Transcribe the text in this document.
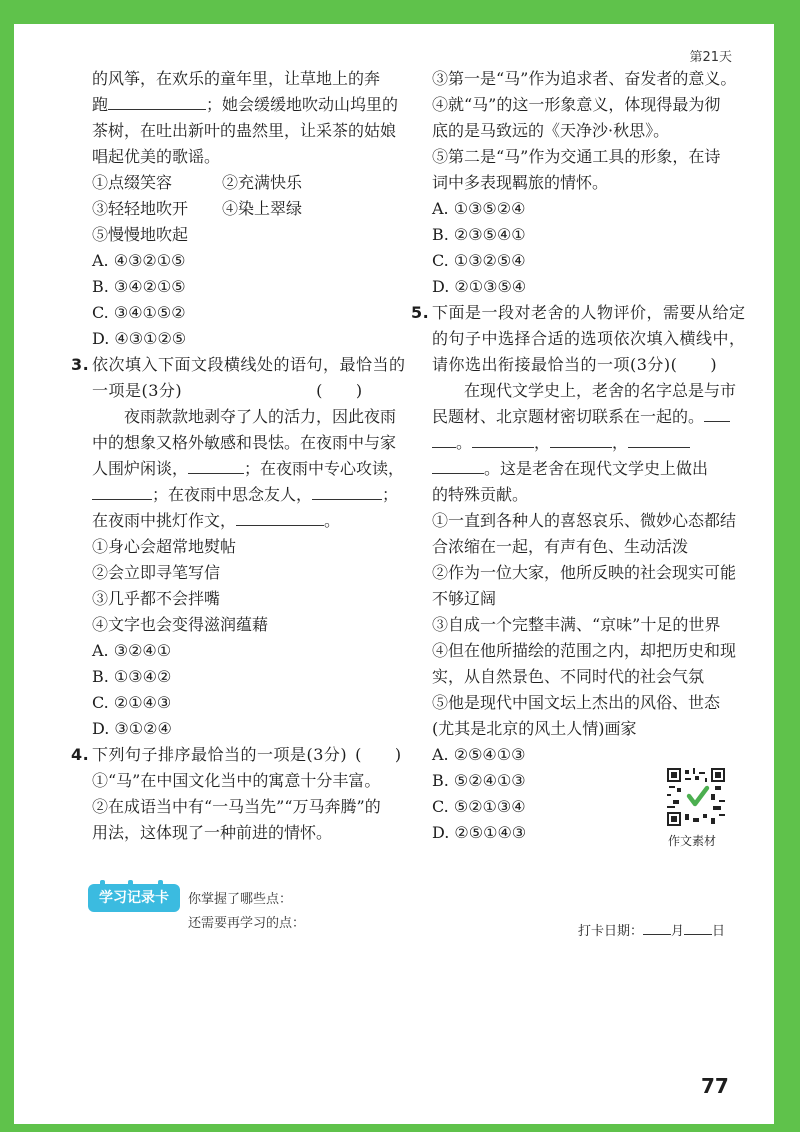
第21天
的风筝，在欢乐的童年里，让草地上的奔
跑	；她会缓缓地吹动山坞里的
茶树，在吐出新叶的蛊然里，让采茶的姑娘
唱起优美的歌谣。
①点缀笑容	②充满快乐
③轻轻地吹开 ④染上翠绿
⑤慢慢地吹起
A. ④③②①⑤
B. ③④②①⑤
C. ③④①⑤②
D. ④③①②⑤
3. 依次填入下面文段横线处的语句，最恰当的
一项是(3分)	(　　)
夜雨款款地剥夺了人的活力，因此夜雨
中的想象又格外敏感和畏怯。在夜雨中与家
人围炉闲谈，	；在夜雨中专心攻读，
；在夜雨中思念友人，	；
在夜雨中挑灯作文，	。
①身心会超常地熨帖
②会立即寻笔写信
③几乎都不会拌嘴
④文字也会变得滋润蕴藉
A. ③②④①
B. ①③④②
C. ②①④③
D. ③①②④
4. 下列句子排序最恰当的一项是(3分) (　　)
①“马”在中国文化当中的寓意十分丰富。
②在成语当中有“一马当先”“万马奔腾”的
用法，这体现了一种前进的情怀。
③第一是“马”作为追求者、奋发者的意义。
④就“马”的这一形象意义，体现得最为彻
底的是马致远的《天净沙·秋思》。
⑤第二是“马”作为交通工具的形象，在诗
词中多表现羁旅的情怀。
A. ①③⑤②④
B. ②③⑤④①
C. ①③②⑤④
D. ②①③⑤④
5. 下面是一段对老舍的人物评价，需要从给定
的句子中选择合适的选项依次填入横线中，
请你选出衔接最恰当的一项(3分)(　　)
在现代文学史上，老舍的名字总是与市
民题材、北京题材密切联系在一起的。
。	，	，
。这是老舍在现代文学史上做出
的特殊贡献。
①一直到各种人的喜怒哀乐、微妙心态都结
合浓缩在一起，有声有色、生动活泼
②作为一位大家，他所反映的社会现实可能
不够辽阔
③自成一个完整丰满、“京味”十足的世界
④但在他所描绘的范围之内，却把历史和现
实，从自然景色、不同时代的社会气氛
⑤他是现代中国文坛上杰出的风俗、世态
(尤其是北京的风土人情)画家
A. ②⑤④①③
B. ⑤②④①③
C. ⑤②①③④
D. ②⑤①④③	作文素材
学习记录卡	你掌握了哪些点：
还需要再学习的点：
打卡日期： 月 日
77
